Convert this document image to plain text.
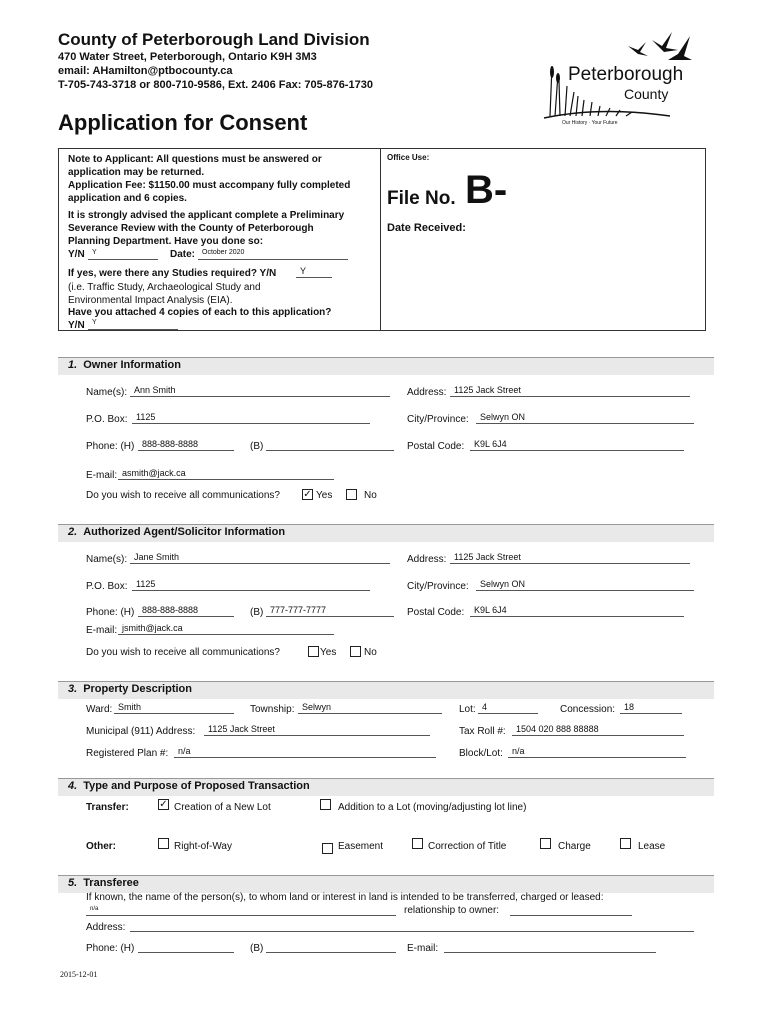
County of Peterborough Land Division
470 Water Street, Peterborough, Ontario K9H 3M3
email: AHamilton@ptbocounty.ca
T-705-743-3718 or 800-710-9586, Ext. 2406 Fax: 705-876-1730	Peterborough
County
Our History · Your Future
Application for Consent
Note to Applicant: All questions must be answered or
application may be returned.
Application Fee: $1150.00 must accompany fully completed
application and 6 copies.
It is strongly advised the applicant complete a Preliminary
Severance Review with the County of Peterborough
Planning Department. Have you done so:
Y/N	Y	Date: October 2020
If yes, were there any Studies required? Y/N	Y
(i.e. Traffic Study, Archaeological Study and
Environmental Impact Analysis (EIA).
Have you attached 4 copies of each to this application?
Y/N	Y
Office Use:
File No. B-
Date Received:
1. Owner Information
Name(s): Ann Smith	Address: 1125 Jack Street
P.O. Box: 1125	City/Province:	Selwyn ON
Phone: (H) 888-888-8888	(B)	Postal Code:	K9L 6J4
E-mail: asmith@jack.ca
Do you wish to receive all communications? ✓ Yes	No
2. Authorized Agent/Solicitor Information
Name(s): Jane Smith	Address: 1125 Jack Street
P.O. Box: 1125	City/Province:	Selwyn ON
Phone: (H) 888-888-8888	(B) 777-777-7777	Postal Code:	K9L 6J4
E-mail: jsmith@jack.ca
Do you wish to receive all communications?	Yes	No
3. Property Description
Ward: Smith	Township: Selwyn	Lot: 4	Concession: 18
Municipal (911) Address:	1125 Jack Street	Tax Roll #:	1504 020 888 88888
Registered Plan #:	n/a	Block/Lot:	n/a
4. Type and Purpose of Proposed Transaction
Transfer:	✓ Creation of a New Lot	Addition to a Lot (moving/adjusting lot line)
Other:	Right-of-Way	Easement	Correction of Title	Charge	Lease
5. Transferee
If known, the name of the person(s), to whom land or interest in land is intended to be transferred, charged or leased:
n/a	relationship to owner:
Address:
Phone: (H)	(B)	E-mail:
2015-12-01
